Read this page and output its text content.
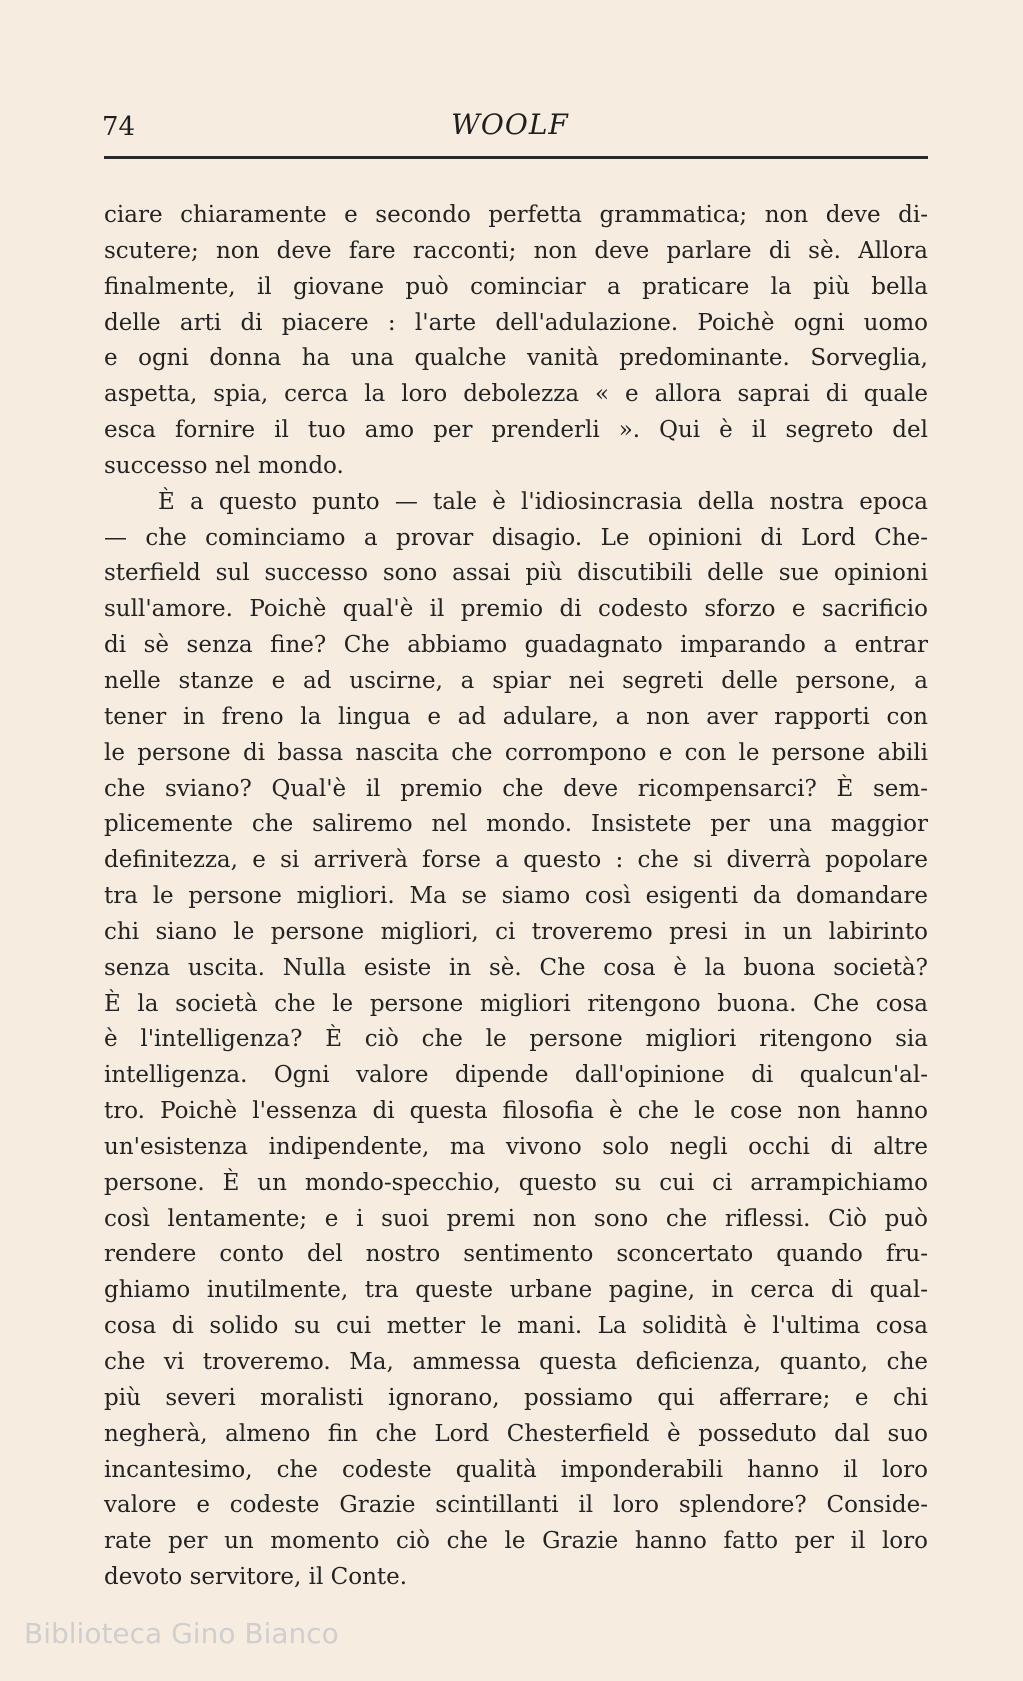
74	WOOLF
ciare chiaramente e secondo perfetta grammatica; non deve di-
scutere; non deve fare racconti; non deve parlare di sè. Allora
finalmente, il giovane può cominciar a praticare la più bella
delle arti di piacere : l'arte dell'adulazione. Poichè ogni uomo
e ogni donna ha una qualche vanità predominante. Sorveglia,
aspetta, spia, cerca la loro debolezza « e allora saprai di quale
esca fornire il tuo amo per prenderli ». Qui è il segreto del
successo nel mondo.
È a questo punto — tale è l'idiosincrasia della nostra epoca
— che cominciamo a provar disagio. Le opinioni di Lord Che-
sterfield sul successo sono assai più discutibili delle sue opinioni
sull'amore. Poichè qual'è il premio di codesto sforzo e sacrificio
di sè senza fine? Che abbiamo guadagnato imparando a entrar
nelle stanze e ad uscirne, a spiar nei segreti delle persone, a
tener in freno la lingua e ad adulare, a non aver rapporti con
le persone di bassa nascita che corrompono e con le persone abili
che sviano? Qual'è il premio che deve ricompensarci? È sem-
plicemente che saliremo nel mondo. Insistete per una maggior
definitezza, e si arriverà forse a questo : che si diverrà popolare
tra le persone migliori. Ma se siamo così esigenti da domandare
chi siano le persone migliori, ci troveremo presi in un labirinto
senza uscita. Nulla esiste in sè. Che cosa è la buona società?
È la società che le persone migliori ritengono buona. Che cosa
è l'intelligenza? È ciò che le persone migliori ritengono sia
intelligenza. Ogni valore dipende dall'opinione di qualcun'al-
tro. Poichè l'essenza di questa filosofia è che le cose non hanno
un'esistenza indipendente, ma vivono solo negli occhi di altre
persone. È un mondo-specchio, questo su cui ci arrampichiamo
così lentamente; e i suoi premi non sono che riflessi. Ciò può
rendere conto del nostro sentimento sconcertato quando fru-
ghiamo inutilmente, tra queste urbane pagine, in cerca di qual-
cosa di solido su cui metter le mani. La solidità è l'ultima cosa
che vi troveremo. Ma, ammessa questa deficienza, quanto, che
più severi moralisti ignorano, possiamo qui afferrare; e chi
negherà, almeno fin che Lord Chesterfield è posseduto dal suo
incantesimo, che codeste qualità imponderabili hanno il loro
valore e codeste Grazie scintillanti il loro splendore? Conside-
rate per un momento ciò che le Grazie hanno fatto per il loro
devoto servitore, il Conte.
Biblioteca Gino Bianco
